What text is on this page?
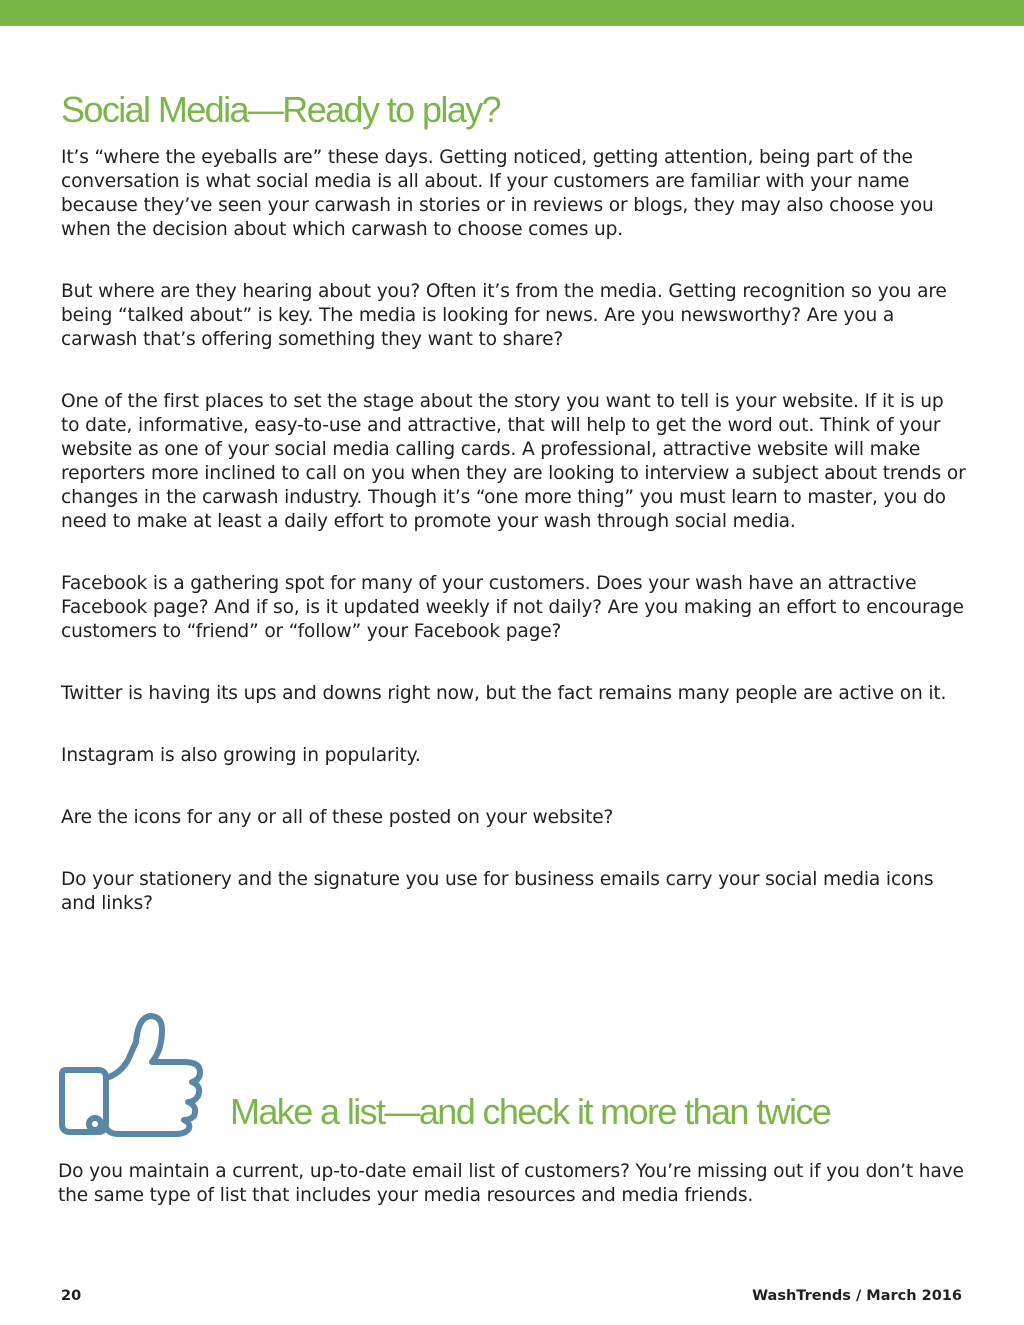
Social Media—Ready to play?

It’s “where the eyeballs are” these days. Getting noticed, getting attention, being part of the conversation is what social media is all about. If your customers are familiar with your name because they’ve seen your carwash in stories or in reviews or blogs, they may also choose you when the decision about which carwash to choose comes up.

But where are they hearing about you? Often it’s from the media. Getting recognition so you are being “talked about” is key. The media is looking for news. Are you newsworthy? Are you a carwash that’s offering something they want to share?

One of the first places to set the stage about the story you want to tell is your website. If it is up to date, informative, easy-to-use and attractive, that will help to get the word out. Think of your website as one of your social media calling cards. A professional, attractive website will make reporters more inclined to call on you when they are looking to interview a subject about trends or changes in the carwash industry. Though it’s “one more thing” you must learn to master, you do need to make at least a daily effort to promote your wash through social media.

Facebook is a gathering spot for many of your customers. Does your wash have an attractive Facebook page? And if so, is it updated weekly if not daily? Are you making an effort to encourage customers to “friend” or “follow” your Facebook page?

Twitter is having its ups and downs right now, but the fact remains many people are active on it.

Instagram is also growing in popularity.

Are the icons for any or all of these posted on your website?

Do your stationery and the signature you use for business emails carry your social media icons and links?

Make a list—and check it more than twice

Do you maintain a current, up-to-date email list of customers? You’re missing out if you don’t have the same type of list that includes your media resources and media friends.

20	WashTrends / March 2016
